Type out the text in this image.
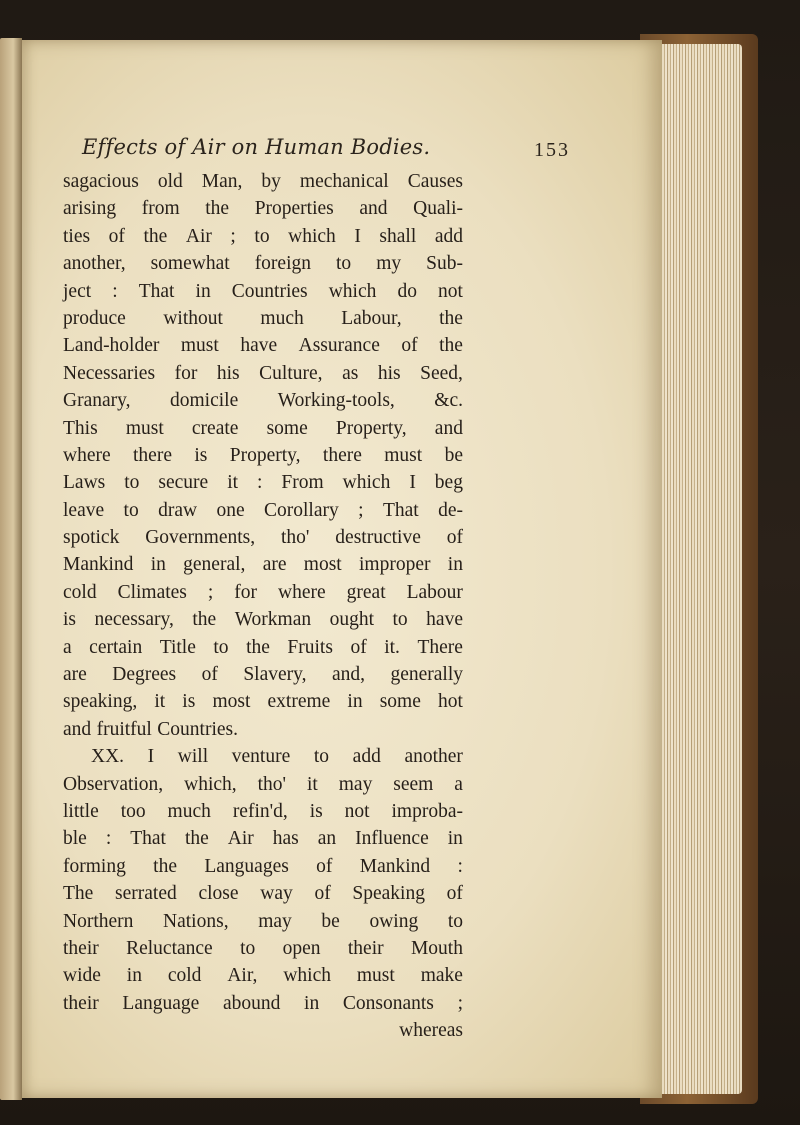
Effects of Air on Human Bodies.	153
sagacious old Man, by mechanical Causes
arising from the Properties and Quali-
ties of the Air ; to which I shall add
another, somewhat foreign to my Sub-
ject : That in Countries which do not
produce without much Labour, the
Land-holder must have Assurance of the
Necessaries for his Culture, as his Seed,
Granary, domicile Working-tools, &c.
This must create some Property, and
where there is Property, there must be
Laws to secure it : From which I beg
leave to draw one Corollary ; That de-
spotick Governments, tho' destructive of
Mankind in general, are most improper in
cold Climates ; for where great Labour
is necessary, the Workman ought to have
a certain Title to the Fruits of it. There
are Degrees of Slavery, and, generally
speaking, it is most extreme in some hot
and fruitful Countries.
XX. I will venture to add another
Observation, which, tho' it may seem a
little too much refin'd, is not improba-
ble : That the Air has an Influence in
forming the Languages of Mankind :
The serrated close way of Speaking of
Northern Nations, may be owing to
their Reluctance to open their Mouth
wide in cold Air, which must make
their Language abound in Consonants ;
whereas
